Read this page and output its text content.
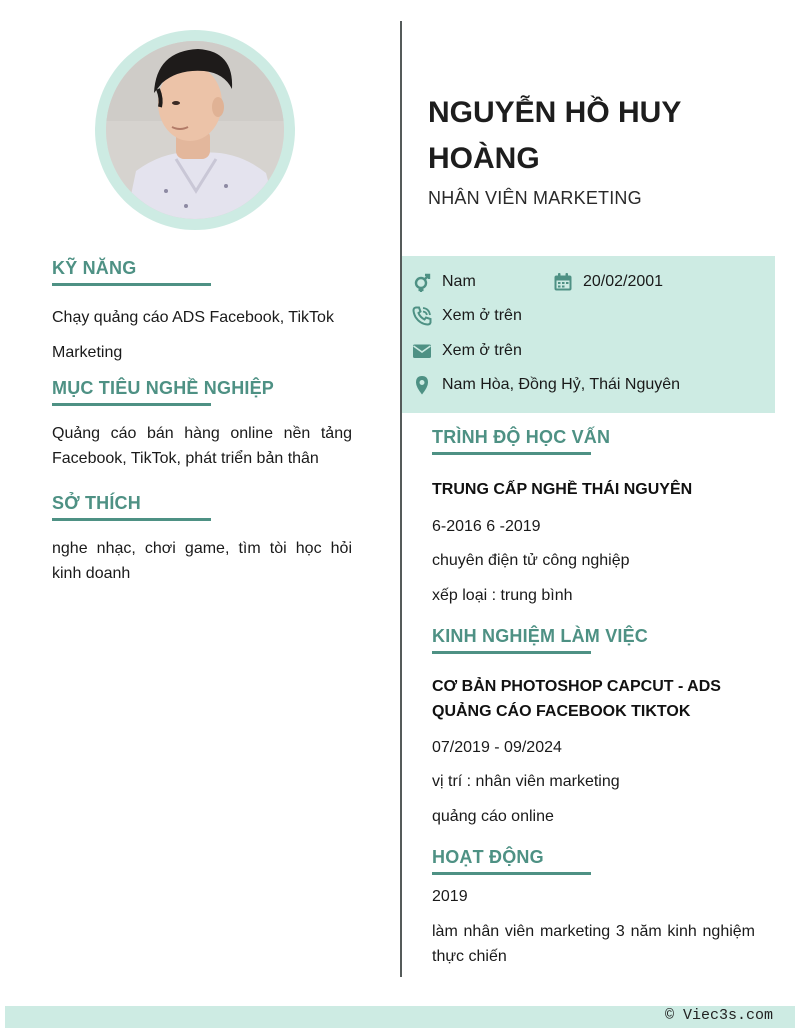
NGUYỄN HỒ HUY HOÀNG
NHÂN VIÊN MARKETING
Nam	20/02/2001
Xem ở trên
Xem ở trên
Nam Hòa, Đồng Hỷ, Thái Nguyên
KỸ NĂNG
Chạy quảng cáo ADS Facebook, TikTok
Marketing
MỤC TIÊU NGHỀ NGHIỆP
Quảng cáo bán hàng online nền tảng Facebook, TikTok, phát triển bản thân
SỞ THÍCH
nghe nhạc, chơi game, tìm tòi học hỏi kinh doanh
TRÌNH ĐỘ HỌC VẤN
TRUNG CẤP NGHỀ THÁI NGUYÊN
6-2016 6 -2019
chuyên điện tử công nghiệp
xếp loại : trung bình
KINH NGHIỆM LÀM VIỆC
CƠ BẢN PHOTOSHOP CAPCUT - ADS QUẢNG CÁO FACEBOOK TIKTOK
07/2019 - 09/2024
vị trí : nhân viên marketing
quảng cáo online
HOẠT ĐỘNG
2019
làm nhân viên marketing 3 năm kinh nghiệm thực chiến
© Viec3s.com
